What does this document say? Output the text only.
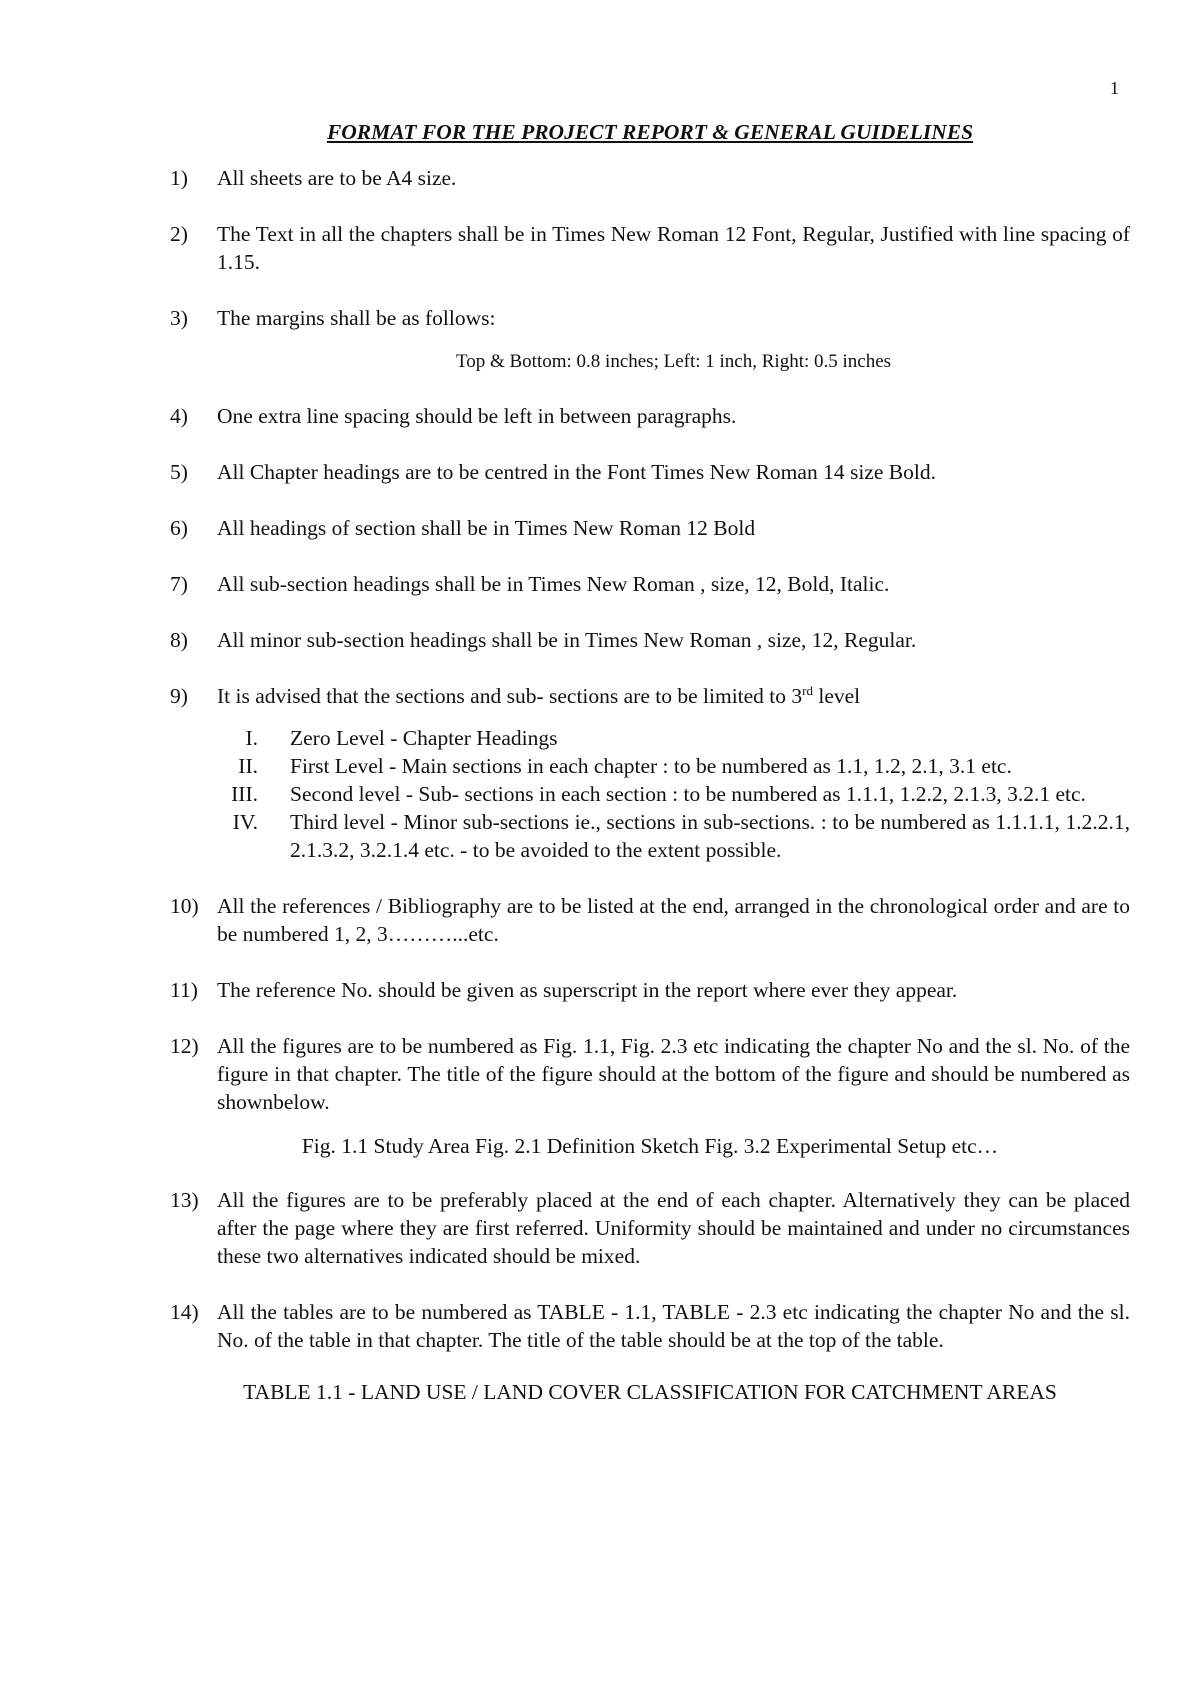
1
FORMAT FOR THE PROJECT REPORT & GENERAL GUIDELINES
1) All sheets are to be A4 size.
2) The Text in all the chapters shall be in Times New Roman 12 Font, Regular, Justified with line spacing of 1.15.
3) The margins shall be as follows:
Top & Bottom: 0.8 inches; Left: 1 inch, Right: 0.5 inches
4) One extra line spacing should be left in between paragraphs.
5) All Chapter headings are to be centred in the Font Times New Roman 14 size Bold.
6) All headings of section shall be in Times New Roman 12 Bold
7) All sub-section headings shall be in Times New Roman , size, 12, Bold, Italic.
8) All minor sub-section headings shall be in Times New Roman , size, 12, Regular.
9) It is advised that the sections and sub- sections are to be limited to 3rd level
I. Zero Level - Chapter Headings
II. First Level - Main sections in each chapter : to be numbered as 1.1, 1.2, 2.1, 3.1 etc.
III. Second level - Sub- sections in each section : to be numbered as 1.1.1, 1.2.2, 2.1.3, 3.2.1 etc.
IV. Third level - Minor sub-sections ie., sections in sub-sections. : to be numbered as 1.1.1.1, 1.2.2.1, 2.1.3.2, 3.2.1.4 etc. - to be avoided to the extent possible.
10) All the references / Bibliography are to be listed at the end, arranged in the chronological order and are to be numbered 1, 2, 3………...etc.
11) The reference No. should be given as superscript in the report where ever they appear.
12) All the figures are to be numbered as Fig. 1.1, Fig. 2.3 etc indicating the chapter No and the sl. No. of the figure in that chapter. The title of the figure should at the bottom of the figure and should be numbered as shownbelow.
Fig. 1.1 Study Area Fig. 2.1 Definition Sketch Fig. 3.2 Experimental Setup etc…
13) All the figures are to be preferably placed at the end of each chapter. Alternatively they can be placed after the page where they are first referred. Uniformity should be maintained and under no circumstances these two alternatives indicated should be mixed.
14) All the tables are to be numbered as TABLE - 1.1, TABLE - 2.3 etc indicating the chapter No and the sl. No. of the table in that chapter. The title of the table should be at the top of the table.
TABLE 1.1 - LAND USE / LAND COVER CLASSIFICATION FOR CATCHMENT AREAS
